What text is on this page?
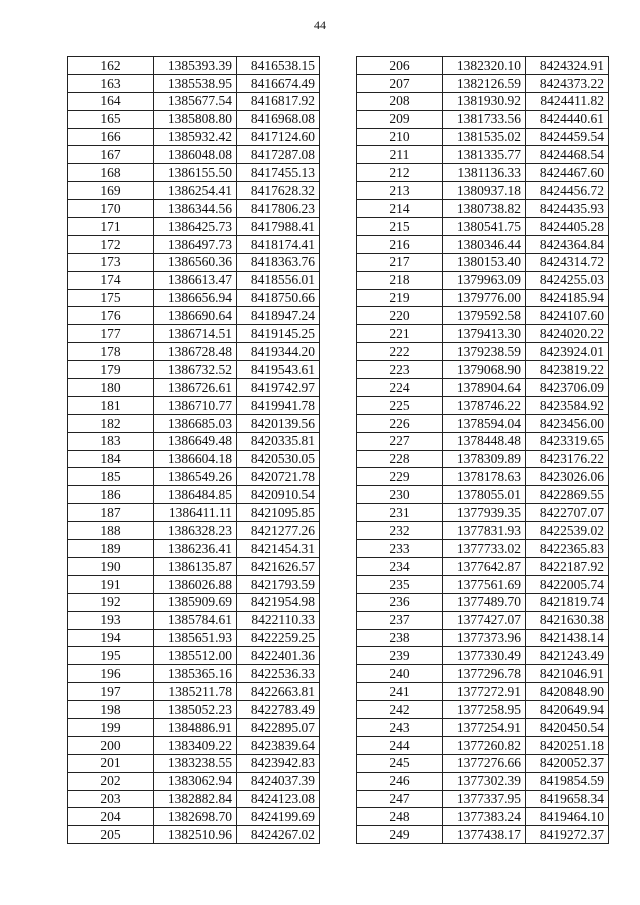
44
162	1385393.39	8416538.15
163	1385538.95	8416674.49
164	1385677.54	8416817.92
165	1385808.80	8416968.08
166	1385932.42	8417124.60
167	1386048.08	8417287.08
168	1386155.50	8417455.13
169	1386254.41	8417628.32
170	1386344.56	8417806.23
171	1386425.73	8417988.41
172	1386497.73	8418174.41
173	1386560.36	8418363.76
174	1386613.47	8418556.01
175	1386656.94	8418750.66
176	1386690.64	8418947.24
177	1386714.51	8419145.25
178	1386728.48	8419344.20
179	1386732.52	8419543.61
180	1386726.61	8419742.97
181	1386710.77	8419941.78
182	1386685.03	8420139.56
183	1386649.48	8420335.81
184	1386604.18	8420530.05
185	1386549.26	8420721.78
186	1386484.85	8420910.54
187	1386411.11	8421095.85
188	1386328.23	8421277.26
189	1386236.41	8421454.31
190	1386135.87	8421626.57
191	1386026.88	8421793.59
192	1385909.69	8421954.98
193	1385784.61	8422110.33
194	1385651.93	8422259.25
195	1385512.00	8422401.36
196	1385365.16	8422536.33
197	1385211.78	8422663.81
198	1385052.23	8422783.49
199	1384886.91	8422895.07
200	1383409.22	8423839.64
201	1383238.55	8423942.83
202	1383062.94	8424037.39
203	1382882.84	8424123.08
204	1382698.70	8424199.69
205	1382510.96	8424267.02
206	1382320.10	8424324.91
207	1382126.59	8424373.22
208	1381930.92	8424411.82
209	1381733.56	8424440.61
210	1381535.02	8424459.54
211	1381335.77	8424468.54
212	1381136.33	8424467.60
213	1380937.18	8424456.72
214	1380738.82	8424435.93
215	1380541.75	8424405.28
216	1380346.44	8424364.84
217	1380153.40	8424314.72
218	1379963.09	8424255.03
219	1379776.00	8424185.94
220	1379592.58	8424107.60
221	1379413.30	8424020.22
222	1379238.59	8423924.01
223	1379068.90	8423819.22
224	1378904.64	8423706.09
225	1378746.22	8423584.92
226	1378594.04	8423456.00
227	1378448.48	8423319.65
228	1378309.89	8423176.22
229	1378178.63	8423026.06
230	1378055.01	8422869.55
231	1377939.35	8422707.07
232	1377831.93	8422539.02
233	1377733.02	8422365.83
234	1377642.87	8422187.92
235	1377561.69	8422005.74
236	1377489.70	8421819.74
237	1377427.07	8421630.38
238	1377373.96	8421438.14
239	1377330.49	8421243.49
240	1377296.78	8421046.91
241	1377272.91	8420848.90
242	1377258.95	8420649.94
243	1377254.91	8420450.54
244	1377260.82	8420251.18
245	1377276.66	8420052.37
246	1377302.39	8419854.59
247	1377337.95	8419658.34
248	1377383.24	8419464.10
249	1377438.17	8419272.37
